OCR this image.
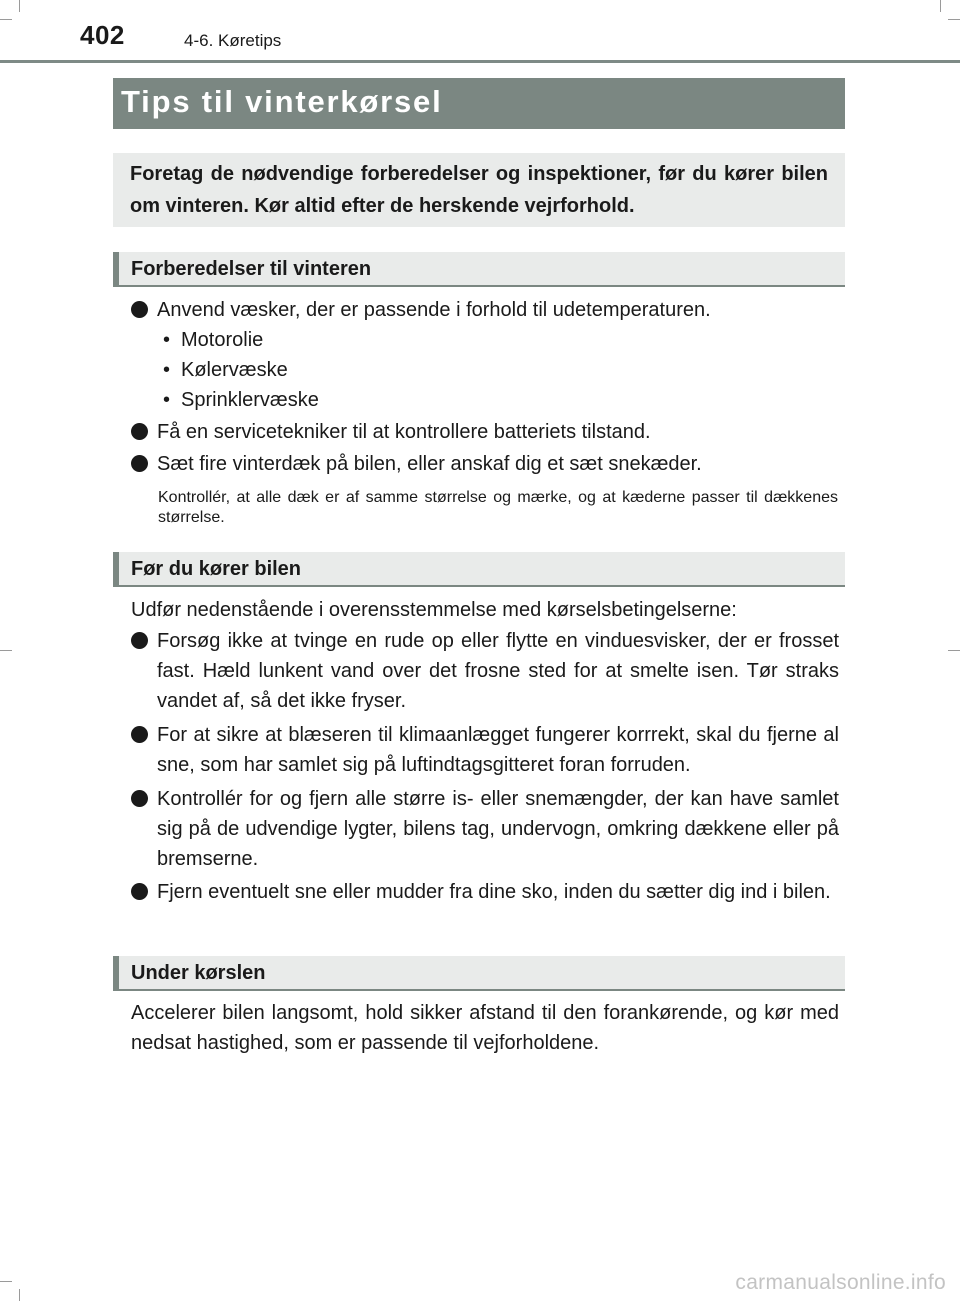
402	4-6. Køretips
Tips til vinterkørsel
Foretag de nødvendige forberedelser og inspektioner, før du kører bilen om vinteren. Kør altid efter de herskende vejrforhold.
Forberedelser til vinteren
Anvend væsker, der er passende i forhold til udetemperaturen.
• Motorolie
• Kølervæske
• Sprinklervæske
Få en servicetekniker til at kontrollere batteriets tilstand.
Sæt fire vinterdæk på bilen, eller anskaf dig et sæt snekæder.
Kontrollér, at alle dæk er af samme størrelse og mærke, og at kæderne passer til dækkenes størrelse.
Før du kører bilen
Udfør nedenstående i overensstemmelse med kørselsbetingelserne:
Forsøg ikke at tvinge en rude op eller flytte en vinduesvisker, der er frosset fast. Hæld lunkent vand over det frosne sted for at smelte isen. Tør straks vandet af, så det ikke fryser.
For at sikre at blæseren til klimaanlægget fungerer korrrekt, skal du fjerne al sne, som har samlet sig på luftindtagsgitteret foran forruden.
Kontrollér for og fjern alle større is- eller snemængder, der kan have samlet sig på de udvendige lygter, bilens tag, undervogn, omkring dækkene eller på bremserne.
Fjern eventuelt sne eller mudder fra dine sko, inden du sætter dig ind i bilen.
Under kørslen
Accelerer bilen langsomt, hold sikker afstand til den forankørende, og kør med nedsat hastighed, som er passende til vejforholdene.
carmanualsonline.info
